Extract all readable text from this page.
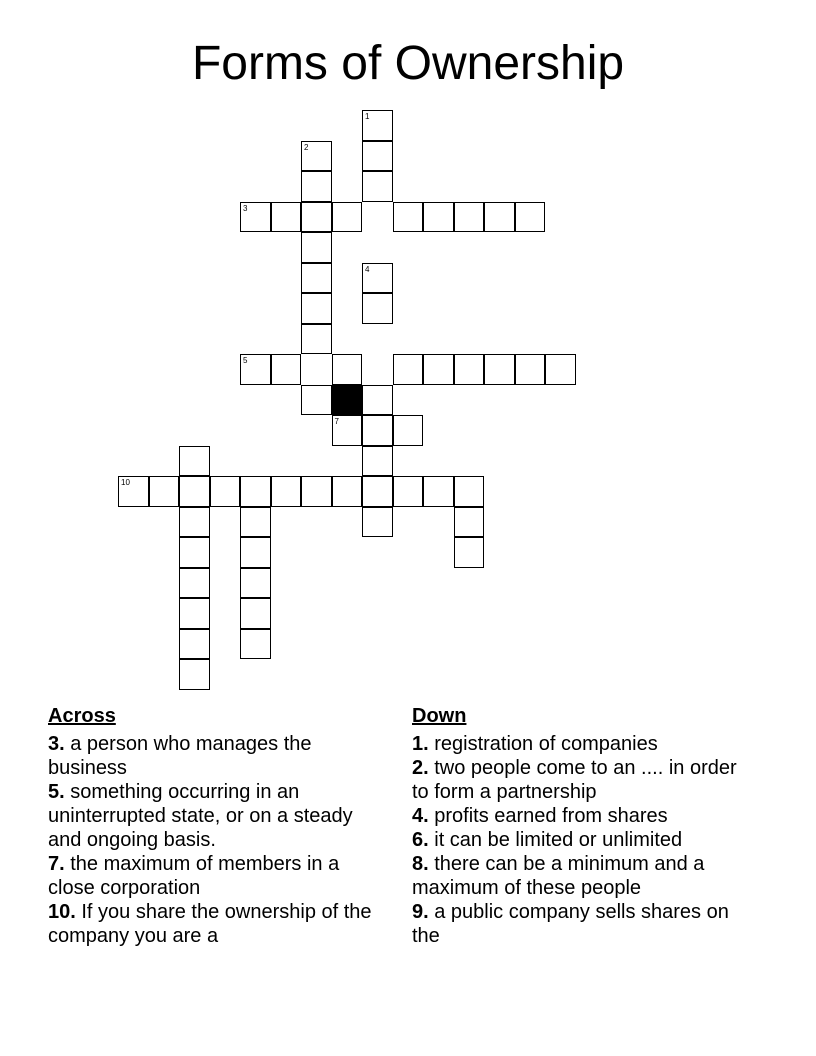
Forms of Ownership
1
2
3
4
5
7
10
Across

3. a person who manages the business

5. something occurring in an uninterrupted state, or on a steady and ongoing basis.

7. the maximum of members in a close corporation

10. If you share the ownership of the company you are a

Down

1. registration of companies

2. two people come to an .... in order to form a partnership

4. profits earned from shares

6. it can be limited or unlimited

8. there can be a minimum and a maximum of these people

9. a public company sells shares on the
